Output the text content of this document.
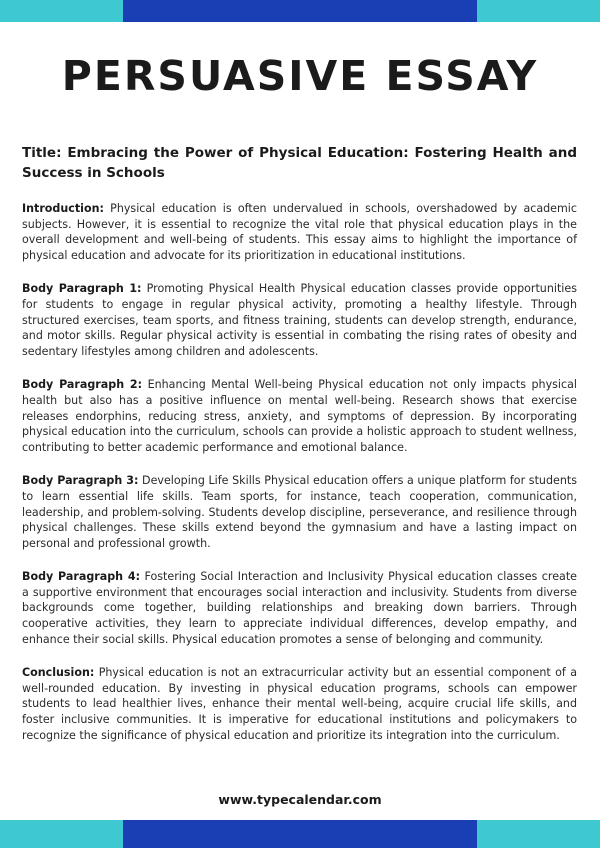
PERSUASIVE ESSAY
Title: Embracing the Power of Physical Education: Fostering Health and Success in Schools

Introduction: Physical education is often undervalued in schools, overshadowed by academic subjects. However, it is essential to recognize the vital role that physical education plays in the overall development and well-being of students. This essay aims to highlight the importance of physical education and advocate for its prioritization in educational institutions.

Body Paragraph 1: Promoting Physical Health Physical education classes provide opportunities for students to engage in regular physical activity, promoting a healthy lifestyle. Through structured exercises, team sports, and fitness training, students can develop strength, endurance, and motor skills. Regular physical activity is essential in combating the rising rates of obesity and sedentary lifestyles among children and adolescents.

Body Paragraph 2: Enhancing Mental Well-being Physical education not only impacts physical health but also has a positive influence on mental well-being. Research shows that exercise releases endorphins, reducing stress, anxiety, and symptoms of depression. By incorporating physical education into the curriculum, schools can provide a holistic approach to student wellness, contributing to better academic performance and emotional balance.

Body Paragraph 3: Developing Life Skills Physical education offers a unique platform for students to learn essential life skills. Team sports, for instance, teach cooperation, communication, leadership, and problem-solving. Students develop discipline, perseverance, and resilience through physical challenges. These skills extend beyond the gymnasium and have a lasting impact on personal and professional growth.

Body Paragraph 4: Fostering Social Interaction and Inclusivity Physical education classes create a supportive environment that encourages social interaction and inclusivity. Students from diverse backgrounds come together, building relationships and breaking down barriers. Through cooperative activities, they learn to appreciate individual differences, develop empathy, and enhance their social skills. Physical education promotes a sense of belonging and community.

Conclusion: Physical education is not an extracurricular activity but an essential component of a well-rounded education. By investing in physical education programs, schools can empower students to lead healthier lives, enhance their mental well-being, acquire crucial life skills, and foster inclusive communities. It is imperative for educational institutions and policymakers to recognize the significance of physical education and prioritize its integration into the curriculum.

www.typecalendar.com
